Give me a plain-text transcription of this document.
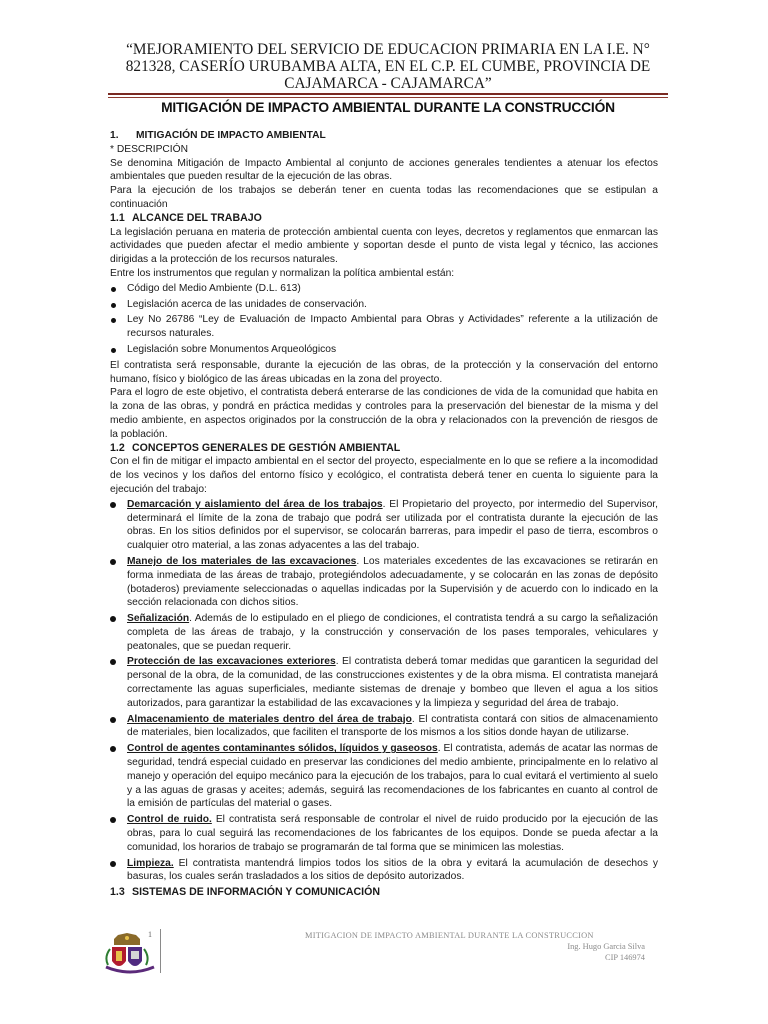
“MEJORAMIENTO DEL SERVICIO DE EDUCACION PRIMARIA EN LA I.E. N° 821328, CASERÍO URUBAMBA ALTA, EN EL C.P. EL CUMBE, PROVINCIA DE CAJAMARCA - CAJAMARCA”
MITIGACIÓN DE IMPACTO AMBIENTAL DURANTE LA CONSTRUCCIÓN

1. MITIGACIÓN DE IMPACTO AMBIENTAL

* DESCRIPCIÓN

Se denomina Mitigación de Impacto Ambiental al conjunto de acciones generales tendientes a atenuar los efectos ambientales que pueden resultar de la ejecución de las obras.

Para la ejecución de los trabajos se deberán tener en cuenta todas las recomendaciones que se estipulan a continuación

1.1 ALCANCE DEL TRABAJO

La legislación peruana en materia de protección ambiental cuenta con leyes, decretos y reglamentos que enmarcan las actividades que pueden afectar el medio ambiente y soportan desde el punto de vista legal y técnico, las acciones dirigidas a la protección de los recursos naturales.

Entre los instrumentos que regulan y normalizan la política ambiental están:

Código del Medio Ambiente (D.L. 613)
Legislación acerca de las unidades de conservación.
Ley No 26786 “Ley de Evaluación de Impacto Ambiental para Obras y Actividades” referente a la utilización de recursos naturales.
Legislación sobre Monumentos Arqueológicos

El contratista será responsable, durante la ejecución de las obras, de la protección y la conservación del entorno humano, físico y biológico de las áreas ubicadas en la zona del proyecto.

Para el logro de este objetivo, el contratista deberá enterarse de las condiciones de vida de la comunidad que habita en la zona de las obras, y pondrá en práctica medidas y controles para la preservación del bienestar de la misma y del medio ambiente, en aspectos originados por la construcción de la obra y relacionados con la prevención de riesgos de la población.

1.2 CONCEPTOS GENERALES DE GESTIÓN AMBIENTAL

Con el fin de mitigar el impacto ambiental en el sector del proyecto, especialmente en lo que se refiere a la incomodidad de los vecinos y los daños del entorno físico y ecológico, el contratista deberá tener en cuenta lo siguiente para la ejecución del trabajo:

Demarcación y aislamiento del área de los trabajos. El Propietario del proyecto, por intermedio del Supervisor, determinará el límite de la zona de trabajo que podrá ser utilizada por el contratista durante la ejecución de las obras. En los sitios definidos por el supervisor, se colocarán barreras, para impedir el paso de tierra, escombros o cualquier otro material, a las zonas adyacentes a las del trabajo.
Manejo de los materiales de las excavaciones. Los materiales excedentes de las excavaciones se retirarán en forma inmediata de las áreas de trabajo, protegiéndolos adecuadamente, y se colocarán en las zonas de depósito (botaderos) previamente seleccionadas o aquellas indicadas por la Supervisión y de acuerdo con lo indicado en la sección relacionada con dichos sitios.
Señalización. Además de lo estipulado en el pliego de condiciones, el contratista tendrá a su cargo la señalización completa de las áreas de trabajo, y la construcción y conservación de los pases temporales, vehiculares y peatonales, que se puedan requerir.
Protección de las excavaciones exteriores. El contratista deberá tomar medidas que garanticen la seguridad del personal de la obra, de la comunidad, de las construcciones existentes y de la obra misma. El contratista manejará correctamente las aguas superficiales, mediante sistemas de drenaje y bombeo que lleven el agua a los sitios autorizados, para garantizar la estabilidad de las excavaciones y la limpieza y seguridad del área de trabajo.
Almacenamiento de materiales dentro del área de trabajo. El contratista contará con sitios de almacenamiento de materiales, bien localizados, que faciliten el transporte de los mismos a los sitios donde hayan de utilizarse.
Control de agentes contaminantes sólidos, líquidos y gaseosos. El contratista, además de acatar las normas de seguridad, tendrá especial cuidado en preservar las condiciones del medio ambiente, principalmente en lo relativo al manejo y operación del equipo mecánico para la ejecución de los trabajos, para lo cual evitará el vertimiento al suelo y a las aguas de grasas y aceites; además, seguirá las recomendaciones de los fabricantes en cuanto al control de la emisión de partículas del material o gases.
Control de ruido. El contratista será responsable de controlar el nivel de ruido producido por la ejecución de las obras, para lo cual seguirá las recomendaciones de los fabricantes de los equipos. Donde se pueda afectar a la comunidad, los horarios de trabajo se programarán de tal forma que se minimicen las molestias.
Limpieza. El contratista mantendrá limpios todos los sitios de la obra y evitará la acumulación de desechos y basuras, los cuales serán trasladados a los sitios de depósito autorizados.

1.3 SISTEMAS DE INFORMACIÓN Y COMUNICACIÓN

1	MITIGACION DE IMPACTO AMBIENTAL DURANTE LA CONSTRUCCION
Ing. Hugo Garcia Silva
CIP 146974
